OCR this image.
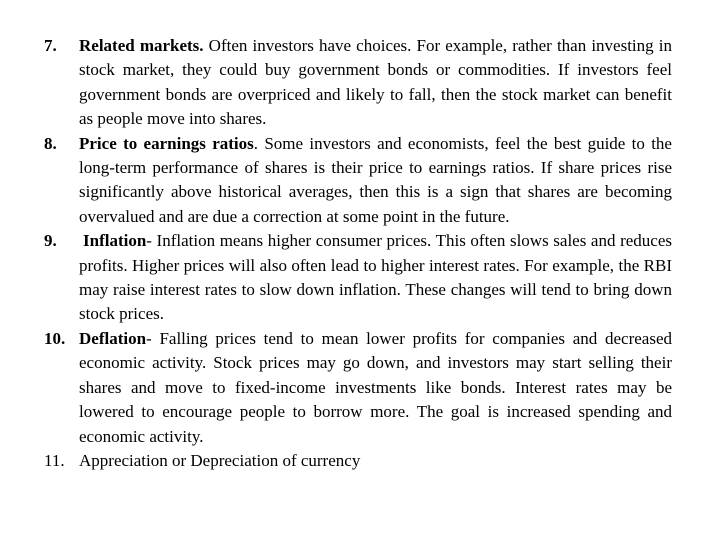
7. Related markets. Often investors have choices. For example, rather than investing in stock market, they could buy government bonds or commodities. If investors feel government bonds are overpriced and likely to fall, then the stock market can benefit as people move into shares.
8. Price to earnings ratios. Some investors and economists, feel the best guide to the long-term performance of shares is their price to earnings ratios. If share prices rise significantly above historical averages, then this is a sign that shares are becoming overvalued and are due a correction at some point in the future.
9. Inflation- Inflation means higher consumer prices. This often slows sales and reduces profits. Higher prices will also often lead to higher interest rates. For example, the RBI may raise interest rates to slow down inflation. These changes will tend to bring down stock prices.
10. Deflation- Falling prices tend to mean lower profits for companies and decreased economic activity. Stock prices may go down, and investors may start selling their shares and move to fixed-income investments like bonds. Interest rates may be lowered to encourage people to borrow more. The goal is increased spending and economic activity.
11. Appreciation or Depreciation of currency
